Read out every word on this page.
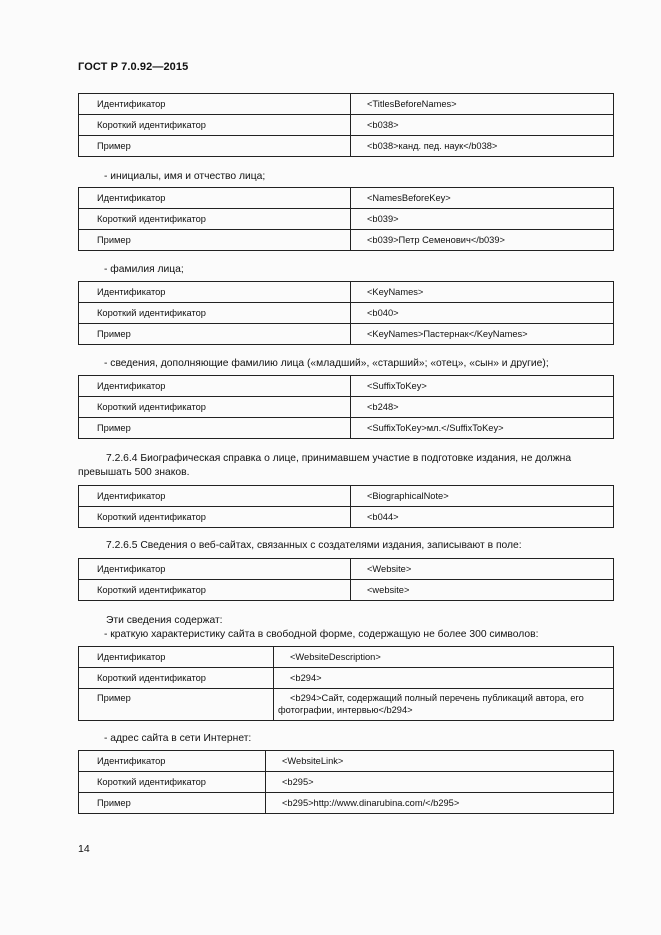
ГОСТ Р 7.0.92—2015
Идентификатор	<TitlesBeforeNames>
Короткий идентификатор	<b038>
Пример	<b038>канд. пед. наук</b038>
- инициалы, имя и отчество лица;
Идентификатор	<NamesBeforeKey>
Короткий идентификатор	<b039>
Пример	<b039>Петр Семенович</b039>
- фамилия лица;
Идентификатор	<KeyNames>
Короткий идентификатор	<b040>
Пример	<KeyNames>Пастернак</KeyNames>
- сведения, дополняющие фамилию лица («младший», «старший»; «отец», «сын» и другие);
Идентификатор	<SuffixToKey>
Короткий идентификатор	<b248>
Пример	<SuffixToKey>мл.</SuffixToKey>
7.2.6.4 Биографическая справка о лице, принимавшем участие в подготовке издания, не должна
превышать 500 знаков.
Идентификатор	<BiographicalNote>
Короткий идентификатор	<b044>
7.2.6.5 Сведения о веб-сайтах, связанных с создателями издания, записывают в поле:
Идентификатор	<Website>
Короткий идентификатор	<website>
Эти сведения содержат:
- краткую характеристику сайта в свободной форме, содержащую не более 300 символов:
Идентификатор	<WebsiteDescription>
Короткий идентификатор	<b294>
Пример	<b294>Сайт, содержащий полный перечень публикаций автора, его
фотографии, интервью</b294>
- адрес сайта в сети Интернет:
Идентификатор	<WebsiteLink>
Короткий идентификатор	<b295>
Пример	<b295>http://www.dinarubina.com/</b295>
14
